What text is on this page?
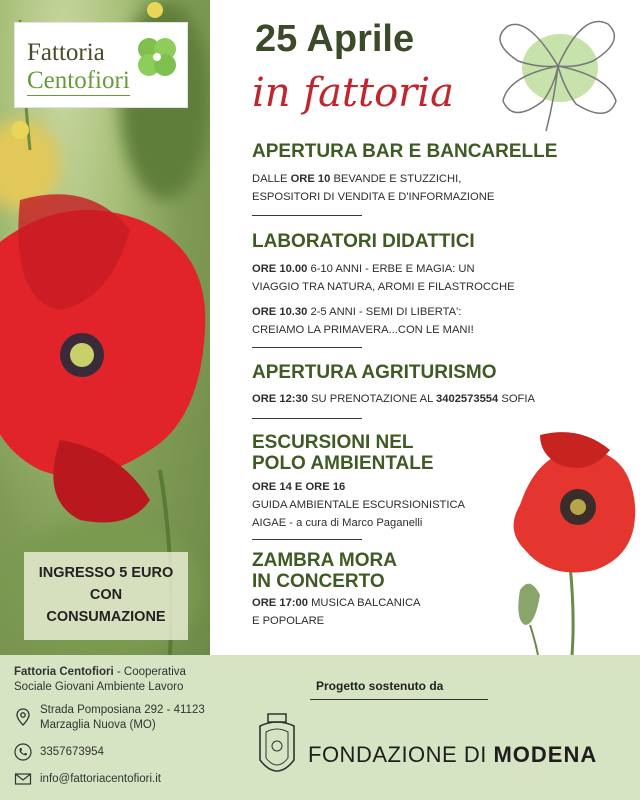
Fattoria
Centofiori
INGRESSO 5 EURO
CON
CONSUMAZIONE
25 Aprile
in fattoria
APERTURA BAR E BANCARELLE
DALLE ORE 10 BEVANDE E STUZZICHI,
ESPOSITORI DI VENDITA E D'INFORMAZIONE
LABORATORI DIDATTICI
ORE 10.00 6-10 ANNI - ERBE E MAGIA: UN
VIAGGIO TRA NATURA, AROMI E FILASTROCCHE
ORE 10.30 2-5 ANNI - SEMI DI LIBERTA':
CREIAMO LA PRIMAVERA...CON LE MANI!
APERTURA AGRITURISMO
ORE 12:30 SU PRENOTAZIONE AL 3402573554 SOFIA
ESCURSIONI NEL
POLO AMBIENTALE
ORE 14 E ORE 16
GUIDA AMBIENTALE ESCURSIONISTICA
AIGAE - a cura di Marco Paganelli
ZAMBRA MORA
IN CONCERTO
ORE 17:00 MUSICA BALCANICA
E POPOLARE
Fattoria Centofiori - Cooperativa
Sociale Giovani Ambiente Lavoro
Strada Pomposiana 292 - 41123
Marzaglia Nuova (MO)
3357673954
info@fattoriacentofiori.it
Progetto sostenuto da
FONDAZIONE DI MODENA
